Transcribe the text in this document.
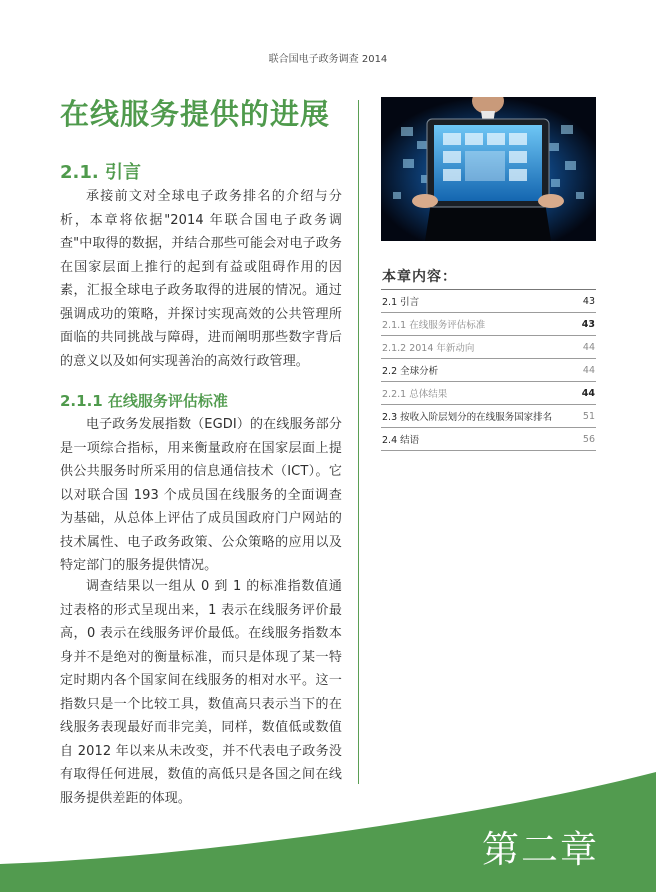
联合国电子政务调查 2014
在线服务提供的进展
2.1. 引言

承接前文对全球电子政务排名的介绍与分析，本章将依据"2014 年联合国电子政务调查"中取得的数据，并结合那些可能会对电子政务在国家层面上推行的起到有益或阻碍作用的因素，汇报全球电子政务取得的进展的情况。通过强调成功的策略，并探讨实现高效的公共管理所面临的共同挑战与障碍，进而阐明那些数字背后的意义以及如何实现善治的高效行政管理。

2.1.1 在线服务评估标准

电子政务发展指数（EGDI）的在线服务部分是一项综合指标，用来衡量政府在国家层面上提供公共服务时所采用的信息通信技术（ICT）。它以对联合国 193 个成员国在线服务的全面调查为基础，从总体上评估了成员国政府门户网站的技术属性、电子政务政策、公众策略的应用以及特定部门的服务提供情况。

调查结果以一组从 0 到 1 的标准指数值通过表格的形式呈现出来，1 表示在线服务评价最高，0 表示在线服务评价最低。在线服务指数本身并不是绝对的衡量标准，而只是体现了某一特定时期内各个国家间在线服务的相对水平。这一指数只是一个比较工具，数值高只表示当下的在线服务表现最好而非完美，同样，数值低或数值自 2012 年以来从未改变，并不代表电子政务没有取得任何进展，数值的高低只是各国之间在线服务提供差距的体现。

本章内容：
2.1 引言	43
2.1.1 在线服务评估标准	43
2.1.2 2014 年新动向	44
2.2 全球分析	44
2.2.1 总体结果	44
2.3 按收入阶层划分的在线服务国家排名	51
2.4 结语	56
第二章
